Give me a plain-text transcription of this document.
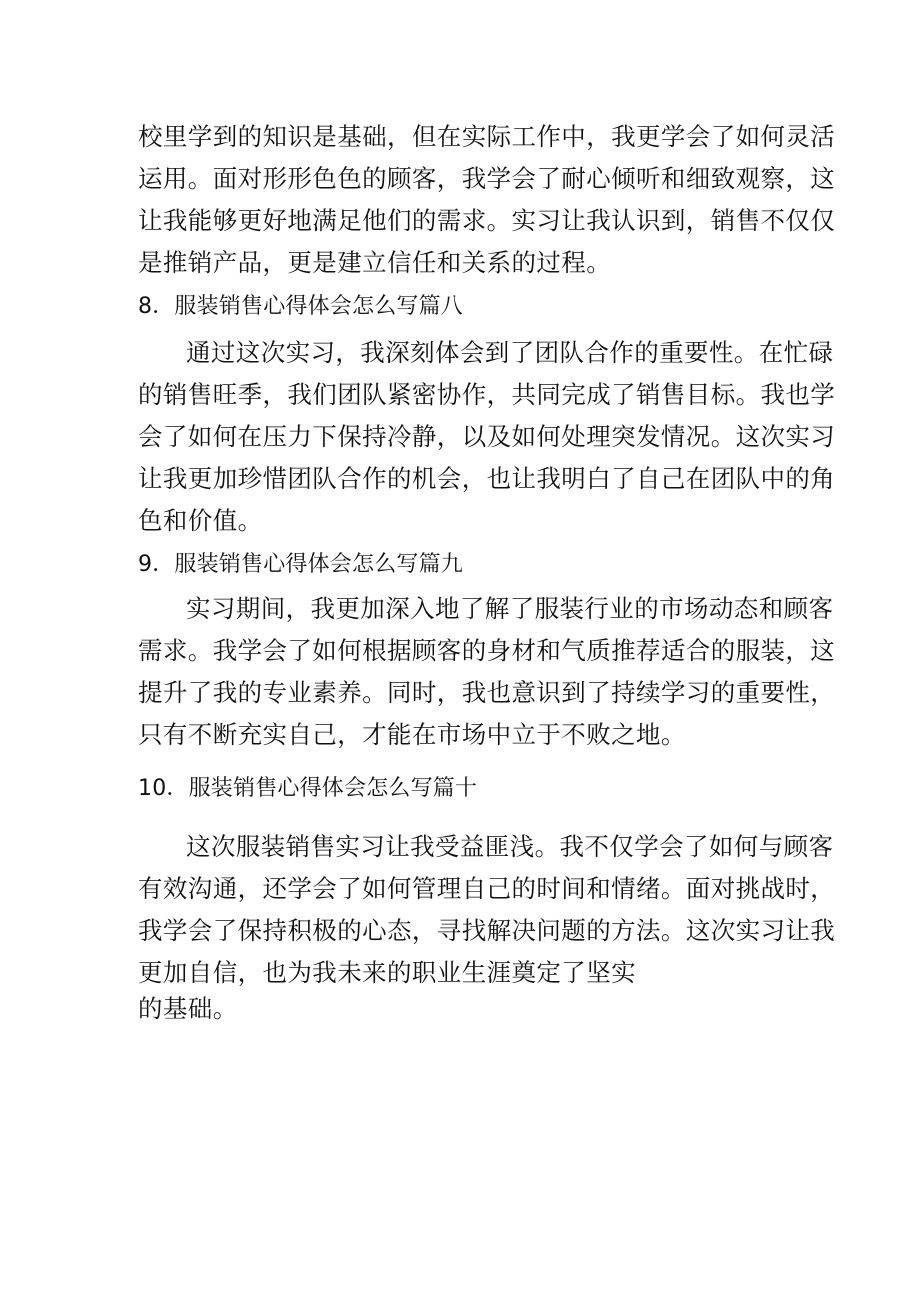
校里学到的知识是基础，但在实际工作中，我更学会了如何灵活
运用。面对形形色色的顾客，我学会了耐心倾听和细致观察，这
让我能够更好地满足他们的需求。实习让我认识到，销售不仅仅
是推销产品，更是建立信任和关系的过程。
8．服装销售心得体会怎么写篇八
通过这次实习，我深刻体会到了团队合作的重要性。在忙碌
的销售旺季，我们团队紧密协作，共同完成了销售目标。我也学
会了如何在压力下保持冷静，以及如何处理突发情况。这次实习
让我更加珍惜团队合作的机会，也让我明白了自己在团队中的角
色和价值。
9．服装销售心得体会怎么写篇九
实习期间，我更加深入地了解了服装行业的市场动态和顾客
需求。我学会了如何根据顾客的身材和气质推荐适合的服装，这
提升了我的专业素养。同时，我也意识到了持续学习的重要性，
只有不断充实自己，才能在市场中立于不败之地。
10．服装销售心得体会怎么写篇十
这次服装销售实习让我受益匪浅。我不仅学会了如何与顾客
有效沟通，还学会了如何管理自己的时间和情绪。面对挑战时，
我学会了保持积极的心态，寻找解决问题的方法。这次实习让我
更加自信，也为我未来的职业生涯奠定了坚实
的基础。
